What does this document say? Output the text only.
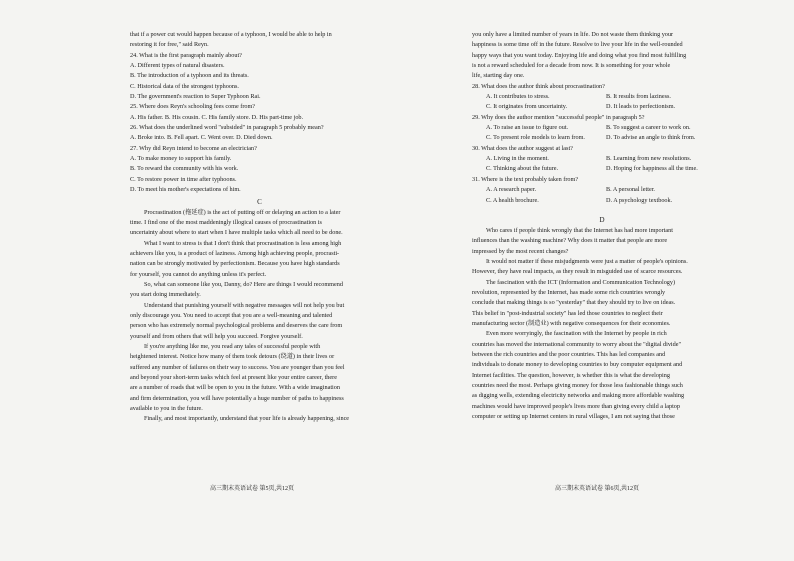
that if a power cut would happen because of a typhoon, I would be able to help in
restoring it for free," said Reyn.
24. What is the first paragraph mainly about?
A. Different types of natural disasters.
B. The introduction of a typhoon and its threats.
C. Historical data of the strongest typhoons.
D. The government's reaction to Super Typhoon Rai.
25. Where does Reyn's schooling fees come from?
A. His father. B. His cousin. C. His family store. D. His part-time job.
26. What does the underlined word "subsided" in paragraph 5 probably mean?
A. Broke into. B. Fell apart. C. Went over. D. Died down.
27. Why did Reyn intend to become an electrician?
A. To make money to support his family.
B. To reward the community with his work.
C. To restore power in time after typhoons.
D. To meet his mother's expectations of him.
C
Procrastination (拖延症) is the act of putting off or delaying an action to a later
time. I find one of the most maddeningly illogical causes of procrastination is
uncertainty about where to start when I have multiple tasks which all need to be done.
What I want to stress is that I don't think that procrastination is less among high
achievers like you, is a product of laziness. Among high achieving people, procrasti-
nation can be strongly motivated by perfectionism. Because you have high standards
for yourself, you cannot do anything unless it's perfect.
So, what can someone like you, Danny, do? Here are things I would recommend
you start doing immediately.
Understand that punishing yourself with negative messages will not help you but
only discourage you. You need to accept that you are a well-meaning and talented
person who has extremely normal psychological problems and deserves the care from
yourself and from others that will help you succeed. Forgive yourself.
If you're anything like me, you read any tales of successful people with
heightened interest. Notice how many of them took detours (绕道) in their lives or
suffered any number of failures on their way to success. You are younger than you feel
and beyond your short-term tasks which feel at present like your entire career, there
are a number of roads that will be open to you in the future. With a wide imagination
and firm determination, you will have potentially a huge number of paths to happiness
available to you in the future.
Finally, and most importantly, understand that your life is already happening, since
高三期末英语试卷 第5页,共12页
you only have a limited number of years in life. Do not waste them thinking your
happiness is some time off in the future. Resolve to live your life in the well-rounded
happy ways that you want today. Enjoying life and doing what you find most fulfilling
is not a reward scheduled for a decade from now. It is something for your whole
life, starting day one.
28. What does the author think about procrastination?
A. It contributes to stress.	B. It results from laziness.
C. It originates from uncertainty.	D. It leads to perfectionism.
29. Why does the author mention "successful people" in paragraph 5?
A. To raise an issue to figure out.	B. To suggest a career to work on.
C. To present role models to learn from.	D. To advise an angle to think from.
30. What does the author suggest at last?
A. Living in the moment.	B. Learning from new resolutions.
C. Thinking about the future.	D. Hoping for happiness all the time.
31. Where is the text probably taken from?
A. A research paper.	B. A personal letter.
C. A health brochure.	D. A psychology textbook.
D
Who cares if people think wrongly that the Internet has had more important
influences than the washing machine? Why does it matter that people are more
impressed by the most recent changes?
It would not matter if these misjudgments were just a matter of people's opinions.
However, they have real impacts, as they result in misguided use of scarce resources.
The fascination with the ICT (Information and Communication Technology)
revolution, represented by the Internet, has made some rich countries wrongly
conclude that making things is so "yesterday" that they should try to live on ideas.
This belief in "post-industrial society" has led those countries to neglect their
manufacturing sector (制造业) with negative consequences for their economies.
Even more worryingly, the fascination with the Internet by people in rich
countries has moved the international community to worry about the "digital divide"
between the rich countries and the poor countries. This has led companies and
individuals to donate money to developing countries to buy computer equipment and
Internet facilities. The question, however, is whether this is what the developing
countries need the most. Perhaps giving money for those less fashionable things such
as digging wells, extending electricity networks and making more affordable washing
machines would have improved people's lives more than giving every child a laptop
computer or setting up Internet centers in rural villages, I am not saying that those
高三期末英语试卷 第6页,共12页
